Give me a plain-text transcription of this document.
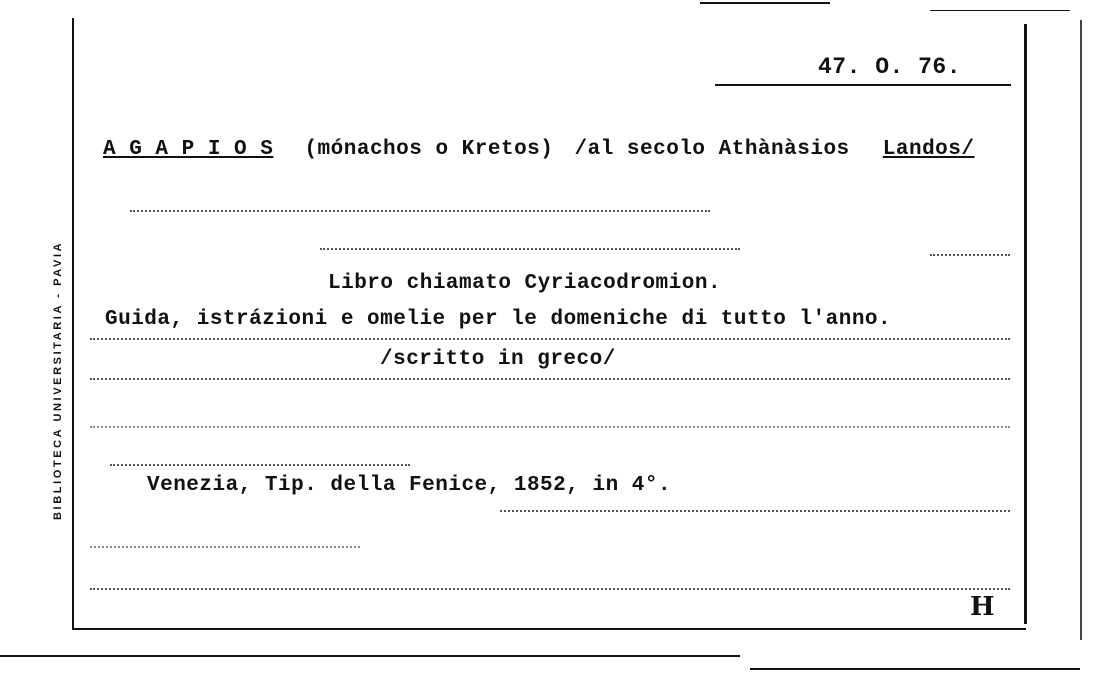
BIBLIOTECA UNIVERSITARIA - PAVIA
47. O. 76.
A G A P I O S (mónachos o Kretos) /al secolo Athànàsios Landos/
Libro chiamato Cyriacodromion.
Guida, istrázioni e omelie per le domeniche di tutto l'anno.
/scritto in greco/
Venezia, Tip. della Fenice, 1852, in 4°.
H
